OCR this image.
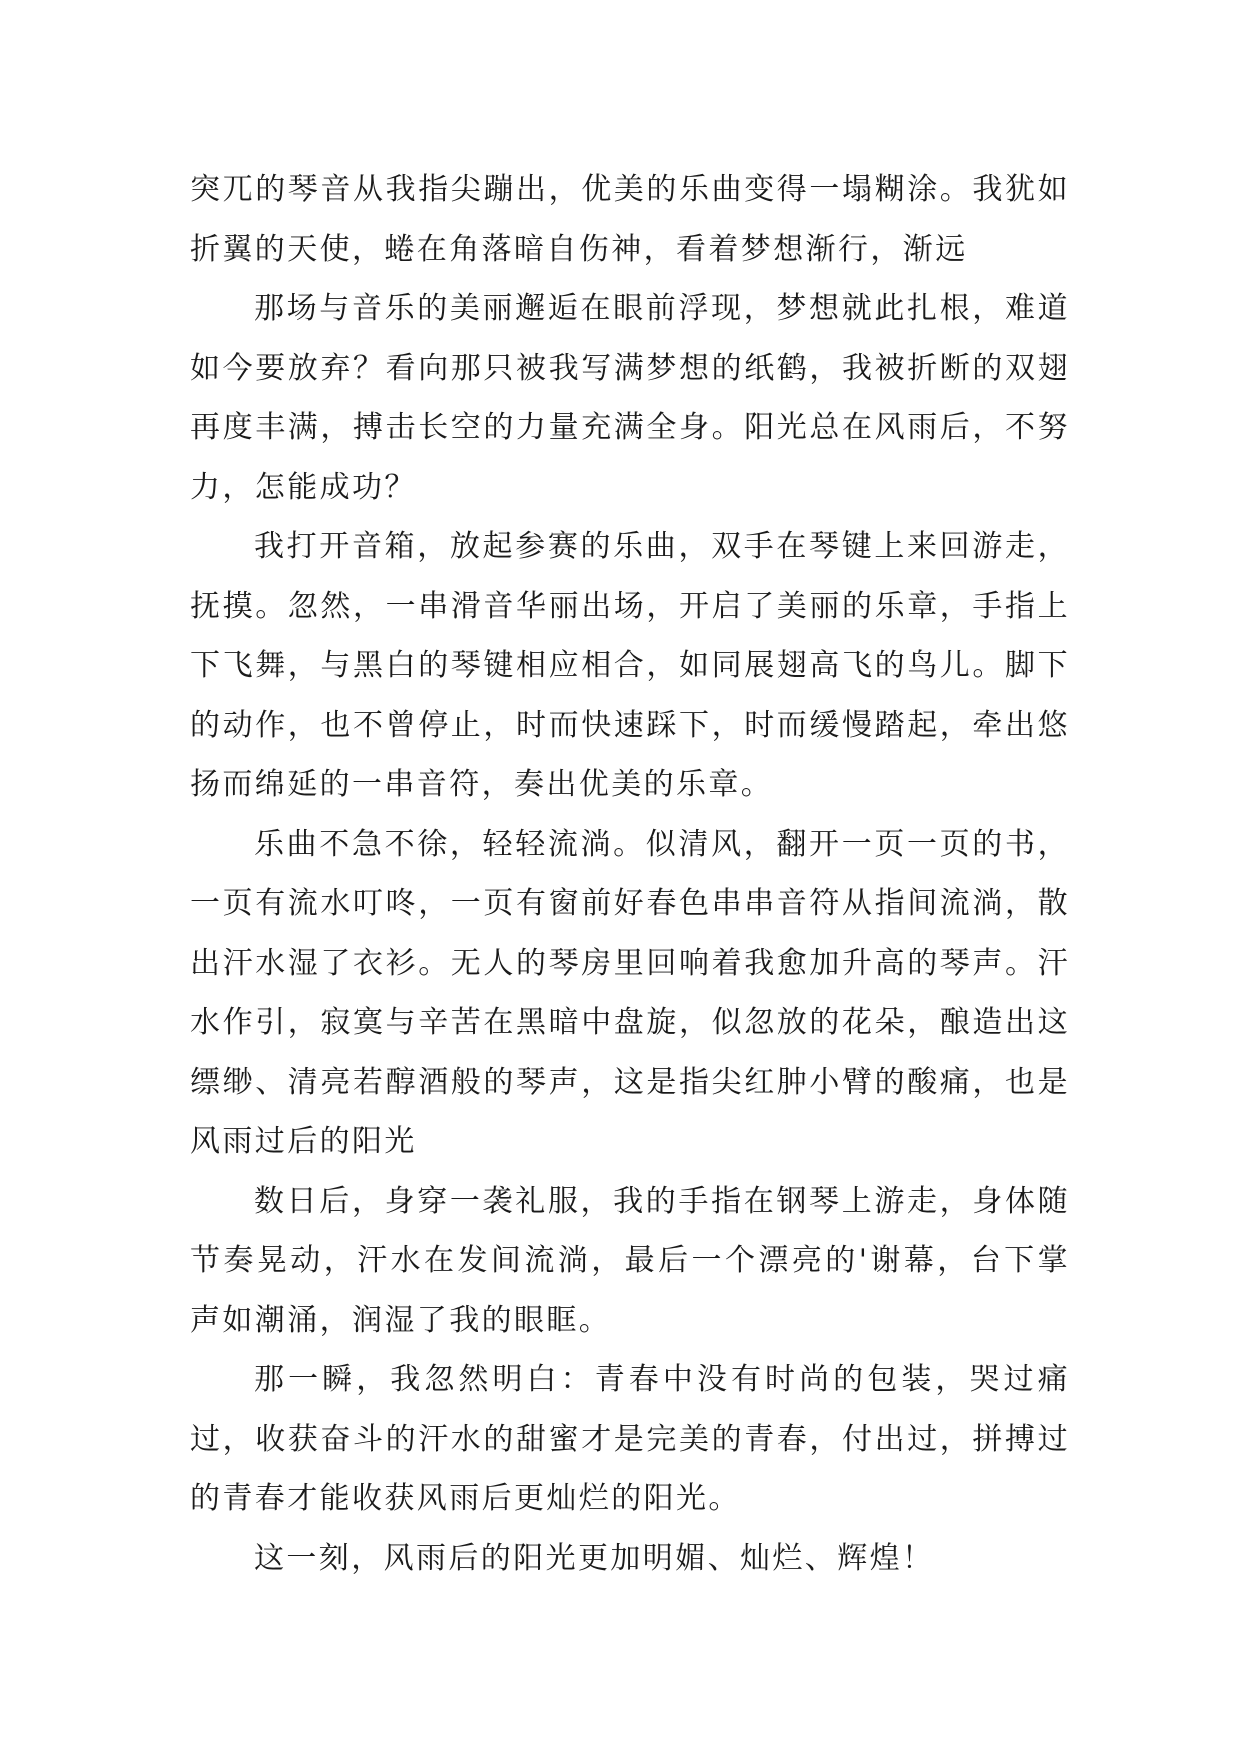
突兀的琴音从我指尖蹦出，优美的乐曲变得一塌糊涂。我犹如折翼的天使，蜷在角落暗自伤神，看着梦想渐行，渐远

那场与音乐的美丽邂逅在眼前浮现，梦想就此扎根，难道如今要放弃？看向那只被我写满梦想的纸鹤，我被折断的双翅再度丰满，搏击长空的力量充满全身。阳光总在风雨后，不努力，怎能成功？

我打开音箱，放起参赛的乐曲，双手在琴键上来回游走，抚摸。忽然，一串滑音华丽出场，开启了美丽的乐章，手指上下飞舞，与黑白的琴键相应相合，如同展翅高飞的鸟儿。脚下的动作，也不曾停止，时而快速踩下，时而缓慢踏起，牵出悠扬而绵延的一串音符，奏出优美的乐章。

乐曲不急不徐，轻轻流淌。似清风，翻开一页一页的书，一页有流水叮咚，一页有窗前好春色串串音符从指间流淌，散出汗水湿了衣衫。无人的琴房里回响着我愈加升高的琴声。汗水作引，寂寞与辛苦在黑暗中盘旋，似忽放的花朵，酿造出这缥缈、清亮若醇酒般的琴声，这是指尖红肿小臂的酸痛，也是风雨过后的阳光

数日后，身穿一袭礼服，我的手指在钢琴上游走，身体随节奏晃动，汗水在发间流淌，最后一个漂亮的'谢幕，台下掌声如潮涌，润湿了我的眼眶。

那一瞬，我忽然明白：青春中没有时尚的包装，哭过痛过，收获奋斗的汗水的甜蜜才是完美的青春，付出过，拼搏过的青春才能收获风雨后更灿烂的阳光。

这一刻，风雨后的阳光更加明媚、灿烂、辉煌！
